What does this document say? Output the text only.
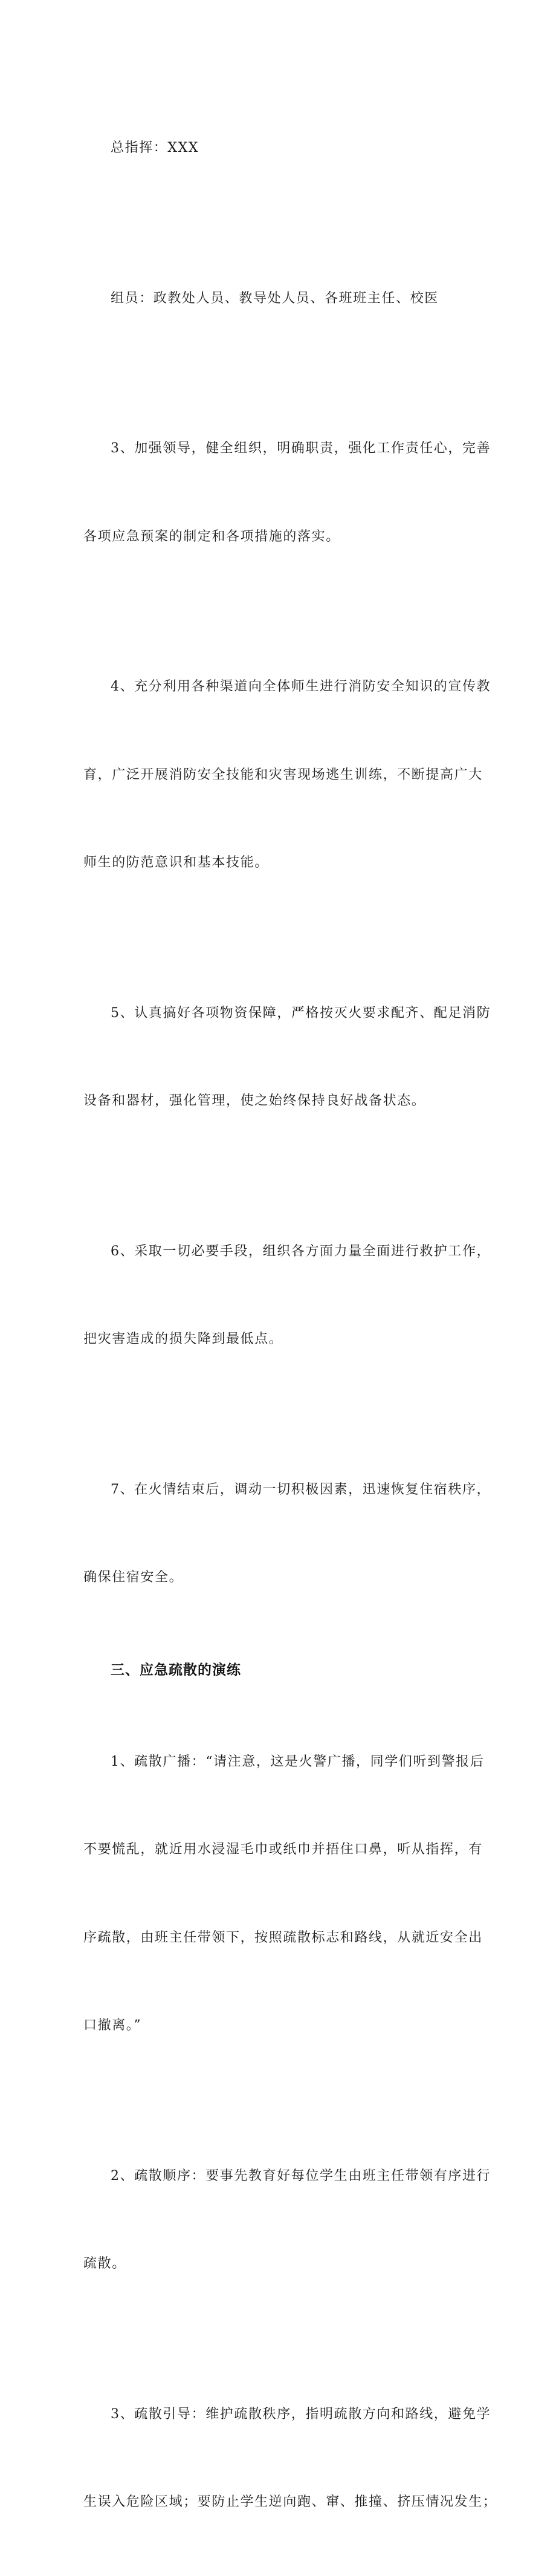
总指挥：XXX

组员：政教处人员、教导处人员、各班班主任、校医

3、加强领导，健全组织，明确职责，强化工作责任心，完善

各项应急预案的制定和各项措施的落实。

4、充分利用各种渠道向全体师生进行消防安全知识的宣传教

育，广泛开展消防安全技能和灾害现场逃生训练，不断提高广大

师生的防范意识和基本技能。

5、认真搞好各项物资保障，严格按灭火要求配齐、配足消防

设备和器材，强化管理，使之始终保持良好战备状态。

6、采取一切必要手段，组织各方面力量全面进行救护工作，

把灾害造成的损失降到最低点。

7、在火情结束后，调动一切积极因素，迅速恢复住宿秩序，

确保住宿安全。

三、应急疏散的演练

1、疏散广播：“请注意，这是火警广播，同学们听到警报后

不要慌乱，就近用水浸湿毛巾或纸巾并捂住口鼻，听从指挥，有

序疏散，由班主任带领下，按照疏散标志和路线，从就近安全出

口撤离。”

2、疏散顺序：要事先教育好每位学生由班主任带领有序进行

疏散。

3、疏散引导：维护疏散秩序，指明疏散方向和路线，避免学

生误入危险区域；要防止学生逆向跑、窜、推撞、挤压情况发生；
